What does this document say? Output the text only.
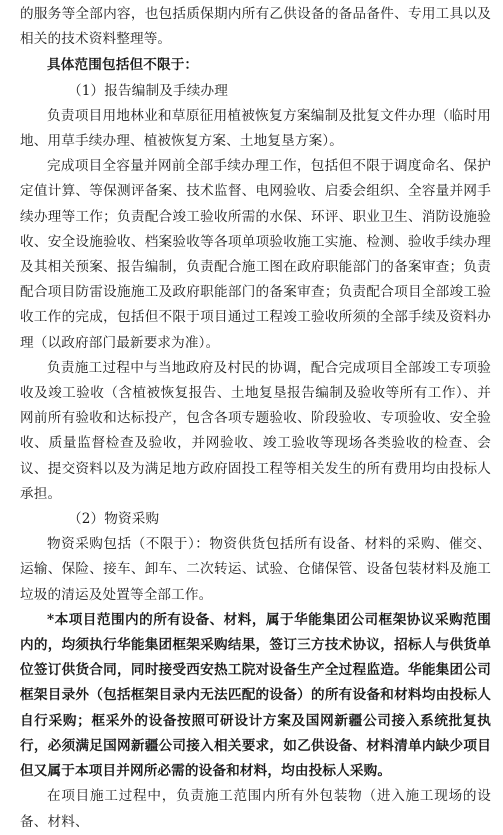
的服务等全部内容，也包括质保期内所有乙供设备的备品备件、专用工具以及相关的技术资料整理等。

具体范围包括但不限于：

（1）报告编制及手续办理

负责项目用地林业和草原征用植被恢复方案编制及批复文件办理（临时用地、用草手续办理、植被恢复方案、土地复垦方案）。

完成项目全容量并网前全部手续办理工作，包括但不限于调度命名、保护定值计算、等保测评备案、技术监督、电网验收、启委会组织、全容量并网手续办理等工作；负责配合竣工验收所需的水保、环评、职业卫生、消防设施验收、安全设施验收、档案验收等各项单项验收施工实施、检测、验收手续办理及其相关预案、报告编制，负责配合施工图在政府职能部门的备案审查；负责配合项目防雷设施施工及政府职能部门的备案审查；负责配合项目全部竣工验收工作的完成，包括但不限于项目通过工程竣工验收所须的全部手续及资料办理（以政府部门最新要求为准）。

负责施工过程中与当地政府及村民的协调，配合完成项目全部竣工专项验收及竣工验收（含植被恢复报告、土地复垦报告编制及验收等所有工作）、并网前所有验收和达标投产，包含各项专题验收、阶段验收、专项验收、安全验收、质量监督检查及验收，并网验收、竣工验收等现场各类验收的检查、会议、提交资料以及为满足地方政府固投工程等相关发生的所有费用均由投标人承担。

（2）物资采购

物资采购包括（不限于）：物资供货包括所有设备、材料的采购、催交、运输、保险、接车、卸车、二次转运、试验、仓储保管、设备包装材料及施工垃圾的清运及处置等全部工作。

*本项目范围内的所有设备、材料，属于华能集团公司框架协议采购范围内的，均须执行华能集团框架采购结果，签订三方技术协议，招标人与供货单位签订供货合同，同时接受西安热工院对设备生产全过程监造。华能集团公司框架目录外（包括框架目录内无法匹配的设备）的所有设备和材料均由投标人自行采购；框采外的设备按照可研设计方案及国网新疆公司接入系统批复执行，必须满足国网新疆公司接入相关要求，如乙供设备、材料清单内缺少项目但又属于本项目并网所必需的设备和材料，均由投标人采购。

在项目施工过程中，负责施工范围内所有外包装物（进入施工现场的设备、材料、
